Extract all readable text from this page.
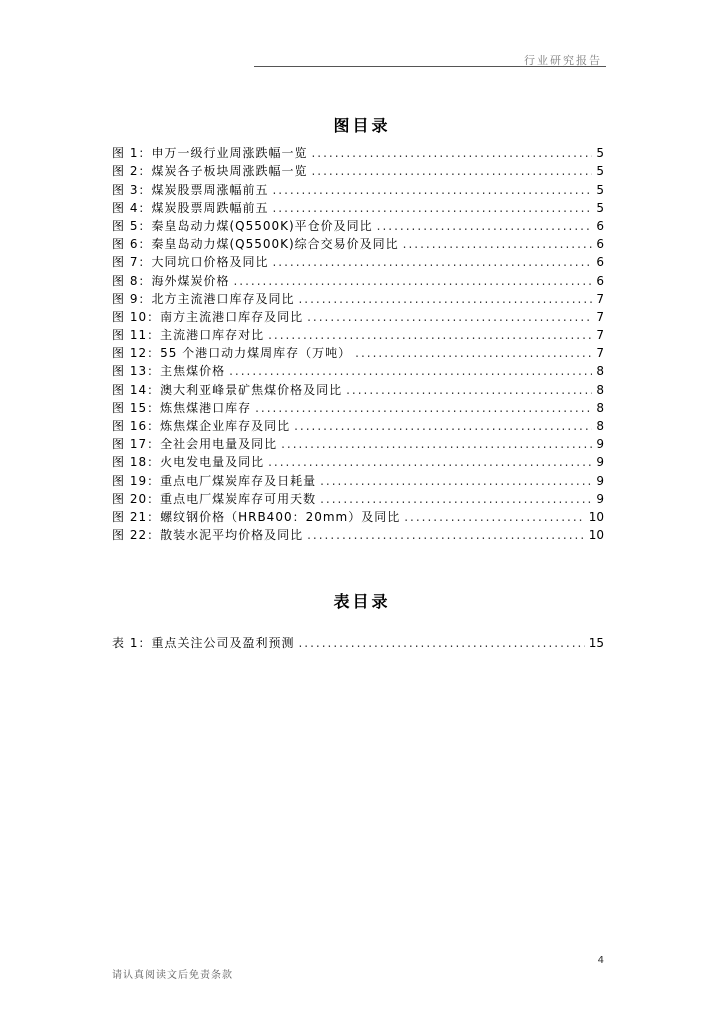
行业研究报告
图目录
图 1：申万一级行业周涨跌幅一览 .....	5
图 2：煤炭各子板块周涨跌幅一览 .....	5
图 3：煤炭股票周涨幅前五 .....	5
图 4：煤炭股票周跌幅前五 .....	5
图 5：秦皇岛动力煤(Q5500K)平仓价及同比 .....	6
图 6：秦皇岛动力煤(Q5500K)综合交易价及同比 .....	6
图 7：大同坑口价格及同比 .....	6
图 8：海外煤炭价格 .....	6
图 9：北方主流港口库存及同比 .....	7
图 10：南方主流港口库存及同比 .....	7
图 11：主流港口库存对比 .....	7
图 12：55 个港口动力煤周库存（万吨） .....	7
图 13：主焦煤价格 .....	8
图 14：澳大利亚峰景矿焦煤价格及同比 .....	8
图 15：炼焦煤港口库存 .....	8
图 16：炼焦煤企业库存及同比 .....	8
图 17：全社会用电量及同比 .....	9
图 18：火电发电量及同比 .....	9
图 19：重点电厂煤炭库存及日耗量 .....	9
图 20：重点电厂煤炭库存可用天数 .....	9
图 21：螺纹钢价格（HRB400：20mm）及同比 .....	10
图 22：散装水泥平均价格及同比 .....	10
表目录
表 1：重点关注公司及盈利预测 .....	15
4
请认真阅读文后免责条款
